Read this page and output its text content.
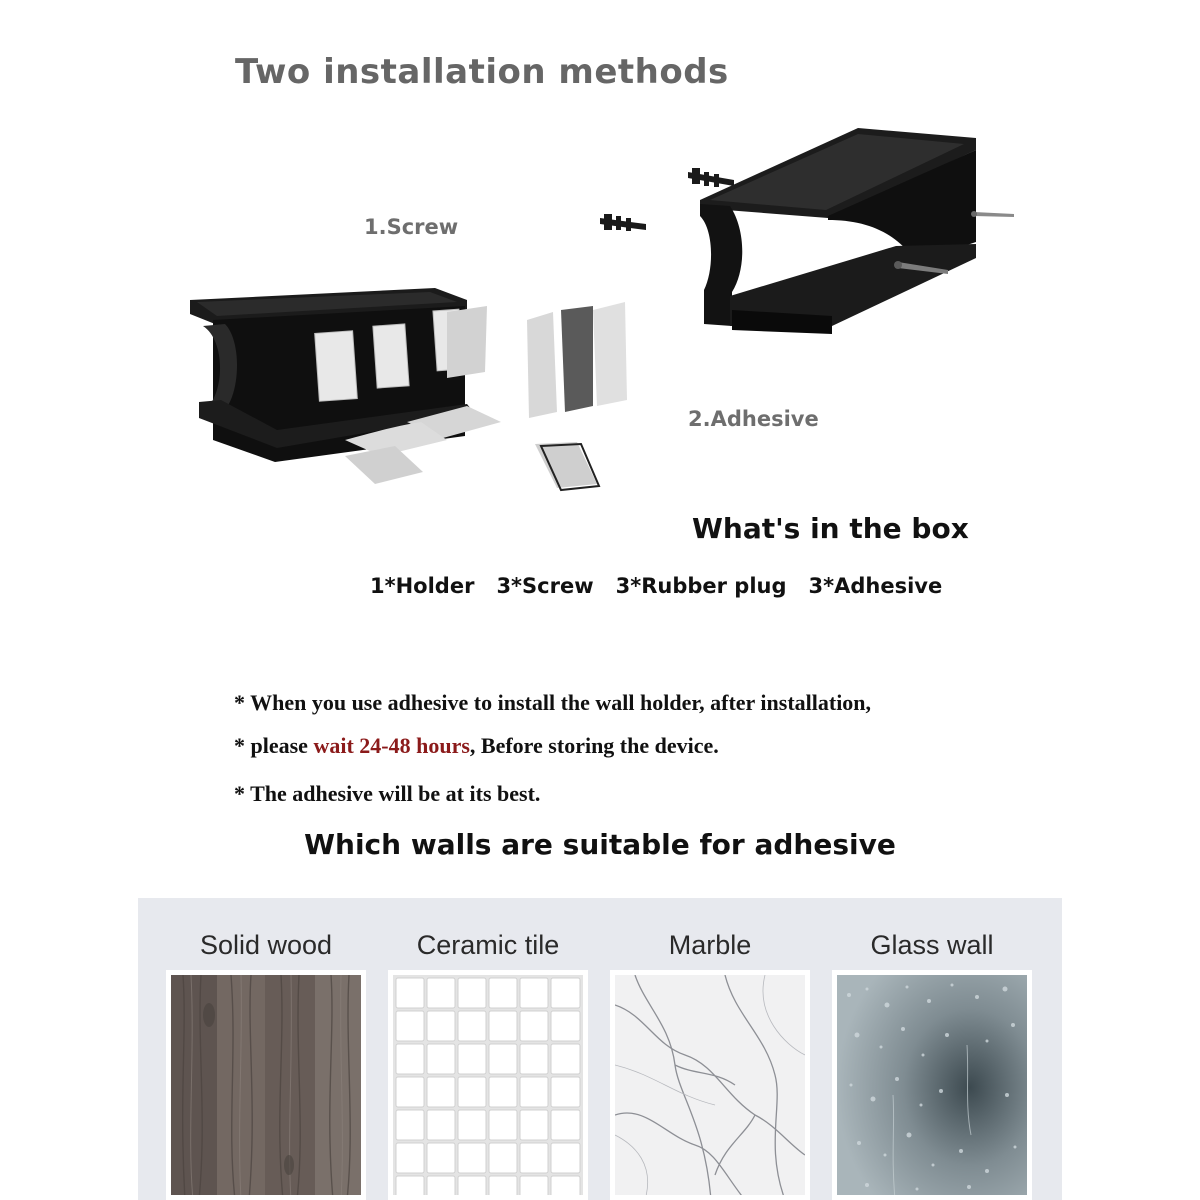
Two installation methods
1.Screw
2.Adhesive
What's in the box
1*Holder 3*Screw 3*Rubber plug 3*Adhesive
* When you use adhesive to install the wall holder, after installation,
* please wait 24-48 hours, Before storing the device.
* The adhesive will be at its best.
Which walls are suitable for adhesive
Solid wood	Ceramic tile	Marble	Glass wall
